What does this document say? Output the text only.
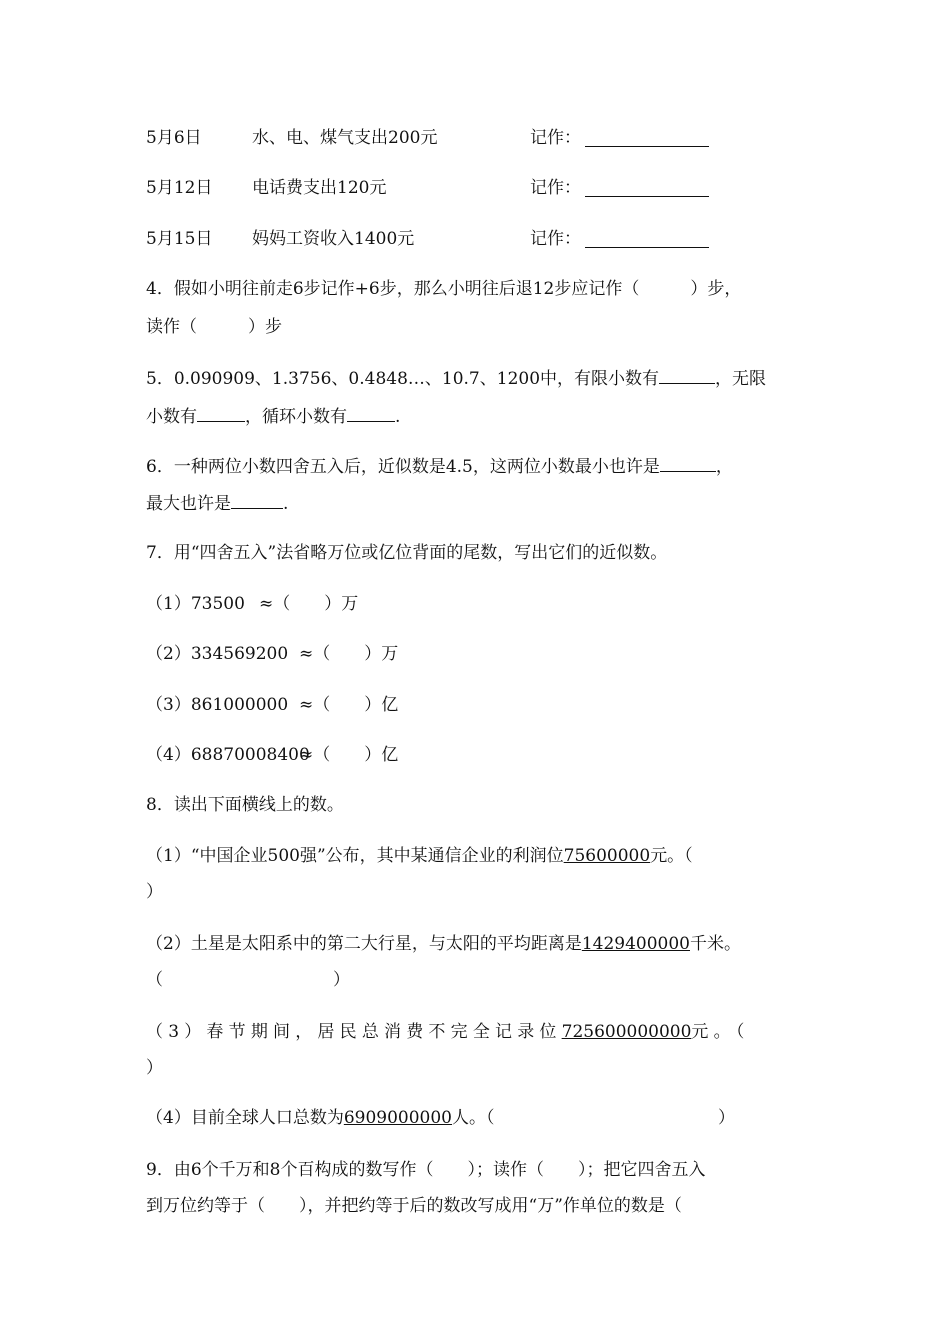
5月6日	水、电、煤气支出200元	记作：
5月12日 电话费支出120元	记作：
5月15日 妈妈工资收入1400元	记作：
4．假如小明往前走6步记作+6步，那么小明往后退12步应记作（　　　）步，
读作（　　　）步
5．0.090909、1.3756、0.4848…、10.7、1200中，有限小数有	，无限
小数有	，循环小数有	.
6．一种两位小数四舍五入后，近似数是4.5，这两位小数最小也许是	，
最大也许是	.
7．用“四舍五入”法省略万位或亿位背面的尾数，写出它们的近似数。
（1）73500 ≈（　　）万
（2）334569200 ≈（　　）万
（3）861000000 ≈（　　）亿
（4）68870008400
≈（　　）亿
8．读出下面横线上的数。
（1）“中国企业500强”公布，其中某通信企业的利润位75600000元。（
）
（2）土星是太阳系中的第二大行星，与太阳的平均距离是1429400000千米。
（　　　　　　　　　　）
（3）春节期间，居民总消费不完全记录位725600000000元。（
）
（4）目前全球人口总数为6909000000人。（	）
9．由6个千万和8个百构成的数写作（　　）；读作（　　）；把它四舍五入
到万位约等于（　　），并把约等于后的数改写成用“万”作单位的数是（
